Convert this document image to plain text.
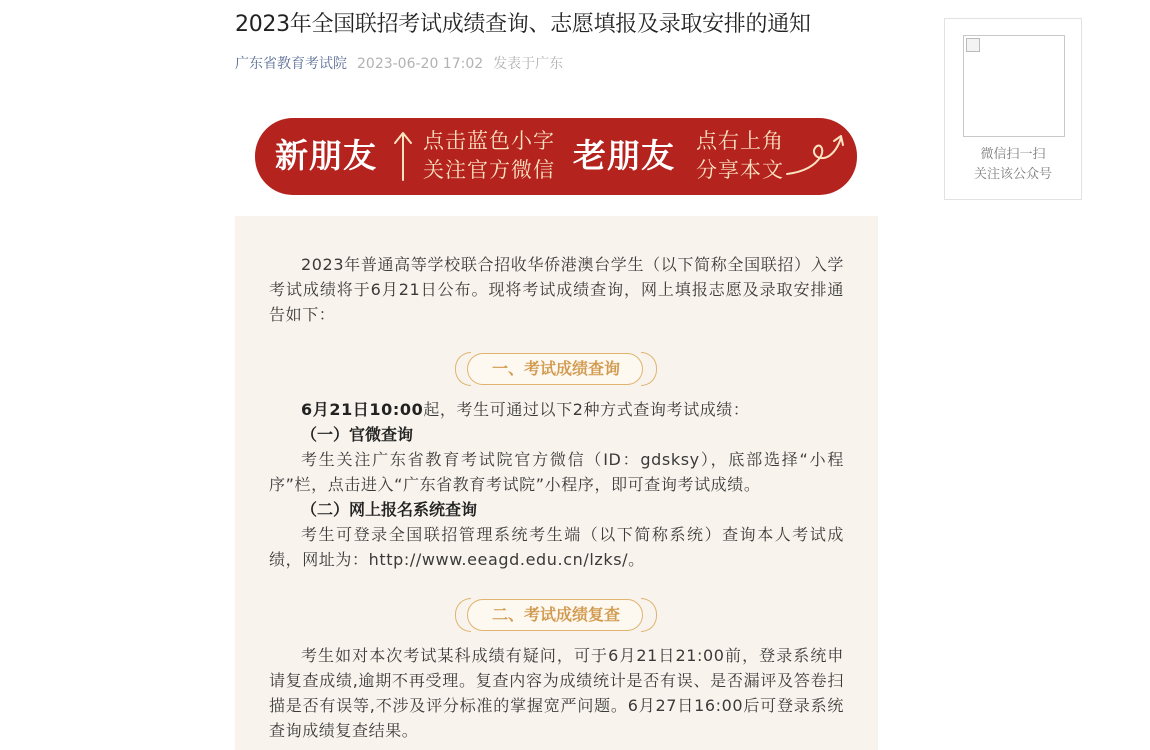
2023年全国联招考试成绩查询、志愿填报及录取安排的通知
广东省教育考试院 2023-06-20 17:02 发表于广东
新朋友 点击蓝色小字
关注官方微信 老朋友 点右上角
分享本文
2023年普通高等学校联合招收华侨港澳台学生（以下简称全国联招）入学考试成绩将于6月21日公布。现将考试成绩查询，网上填报志愿及录取安排通告如下：
一、考试成绩查询
6月21日10:00起，考生可通过以下2种方式查询考试成绩：
（一）官微查询
考生关注广东省教育考试院官方微信（ID：gdsksy），底部选择“小程序”栏，点击进入“广东省教育考试院”小程序，即可查询考试成绩。
（二）网上报名系统查询
考生可登录全国联招管理系统考生端（以下简称系统）查询本人考试成绩，网址为：http://www.eeagd.edu.cn/lzks/。
二、考试成绩复查
考生如对本次考试某科成绩有疑问，可于6月21日21:00前，登录系统申请复查成绩,逾期不再受理。复查内容为成绩统计是否有误、是否漏评及答卷扫描是否有误等,不涉及评分标准的掌握宽严问题。6月27日16:00后可登录系统查询成绩复查结果。
微信扫一扫
关注该公众号
